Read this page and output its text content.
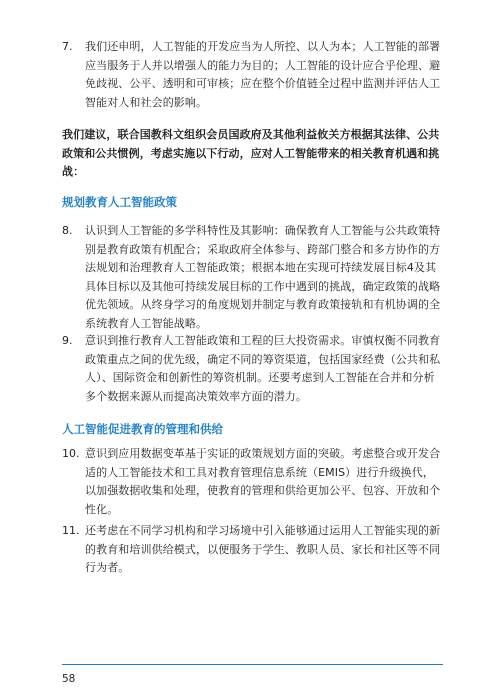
7. 我们还申明，人工智能的开发应当为人所控、以人为本；人工智能的部署应当服务于人并以增强人的能力为目的；人工智能的设计应合乎伦理、避免歧视、公平、透明和可审核；应在整个价值链全过程中监测并评估人工智能对人和社会的影响。
我们建议，联合国教科文组织会员国政府及其他利益攸关方根据其法律、公共政策和公共惯例，考虑实施以下行动，应对人工智能带来的相关教育机遇和挑战：
规划教育人工智能政策
8. 认识到人工智能的多学科特性及其影响：确保教育人工智能与公共政策特别是教育政策有机配合；采取政府全体参与、跨部门整合和多方协作的方法规划和治理教育人工智能政策；根据本地在实现可持续发展目标4及其具体目标以及其他可持续发展目标的工作中遇到的挑战，确定政策的战略优先领域。从终身学习的角度规划并制定与教育政策接轨和有机协调的全系统教育人工智能战略。
9. 意识到推行教育人工智能政策和工程的巨大投资需求。审慎权衡不同教育政策重点之间的优先级，确定不同的筹资渠道，包括国家经费（公共和私人）、国际资金和创新性的筹资机制。还要考虑到人工智能在合并和分析多个数据来源从而提高决策效率方面的潜力。
人工智能促进教育的管理和供给
10. 意识到应用数据变革基于实证的政策规划方面的突破。考虑整合或开发合适的人工智能技术和工具对教育管理信息系统（EMIS）进行升级换代，以加强数据收集和处理，使教育的管理和供给更加公平、包容、开放和个性化。
11. 还考虑在不同学习机构和学习场境中引入能够通过运用人工智能实现的新的教育和培训供给模式，以便服务于学生、教职人员、家长和社区等不同行为者。
58
